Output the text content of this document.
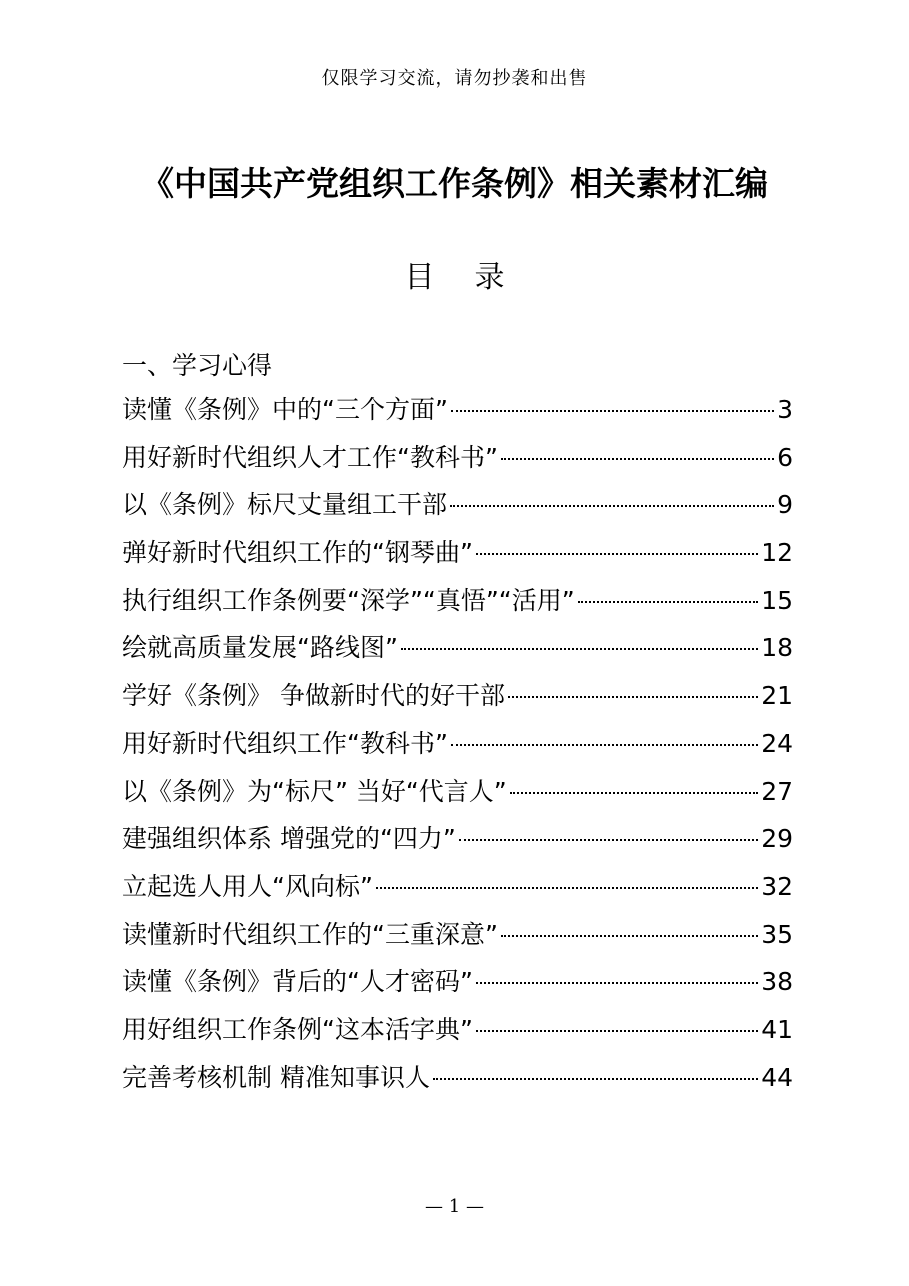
仅限学习交流，请勿抄袭和出售
《中国共产党组织工作条例》相关素材汇编
目录
一、学习心得
读懂《条例》中的“三个方面”	3
用好新时代组织人才工作“教科书”	6
以《条例》标尺丈量组工干部	9
弹好新时代组织工作的“钢琴曲”	12
执行组织工作条例要“深学”“真悟”“活用”	15
绘就高质量发展“路线图”	18
学好《条例》 争做新时代的好干部	21
用好新时代组织工作“教科书”	24
以《条例》为“标尺” 当好“代言人”	27
建强组织体系 增强党的“四力”	29
立起选人用人“风向标”	32
读懂新时代组织工作的“三重深意”	35
读懂《条例》背后的“人才密码”	38
用好组织工作条例“这本活字典”	41
完善考核机制 精准知事识人	44
— 1 —
